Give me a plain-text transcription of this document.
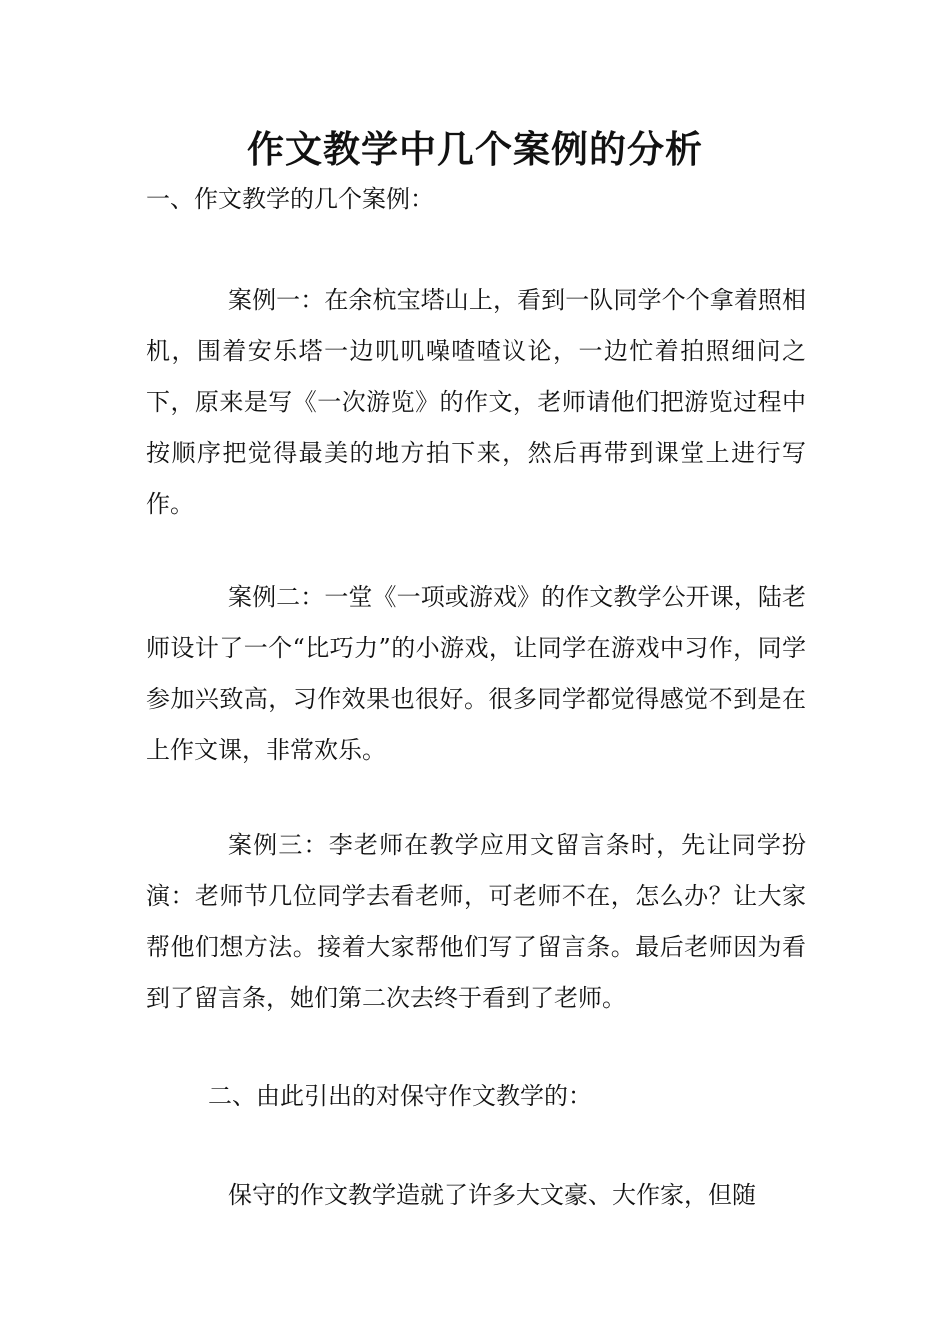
作文教学中几个案例的分析
一、作文教学的几个案例：
案例一：在余杭宝塔山上，看到一队同学个个拿着照相机，围着安乐塔一边叽叽噪喳喳议论，一边忙着拍照细问之下，原来是写《一次游览》的作文，老师请他们把游览过程中按顺序把觉得最美的地方拍下来，然后再带到课堂上进行写作。
案例二：一堂《一项或游戏》的作文教学公开课，陆老师设计了一个“比巧力”的小游戏，让同学在游戏中习作，同学参加兴致高，习作效果也很好。很多同学都觉得感觉不到是在上作文课，非常欢乐。
案例三：李老师在教学应用文留言条时，先让同学扮演：老师节几位同学去看老师，可老师不在，怎么办？让大家帮他们想方法。接着大家帮他们写了留言条。最后老师因为看到了留言条，她们第二次去终于看到了老师。
二、由此引出的对保守作文教学的：
保守的作文教学造就了许多大文豪、大作家，但随
